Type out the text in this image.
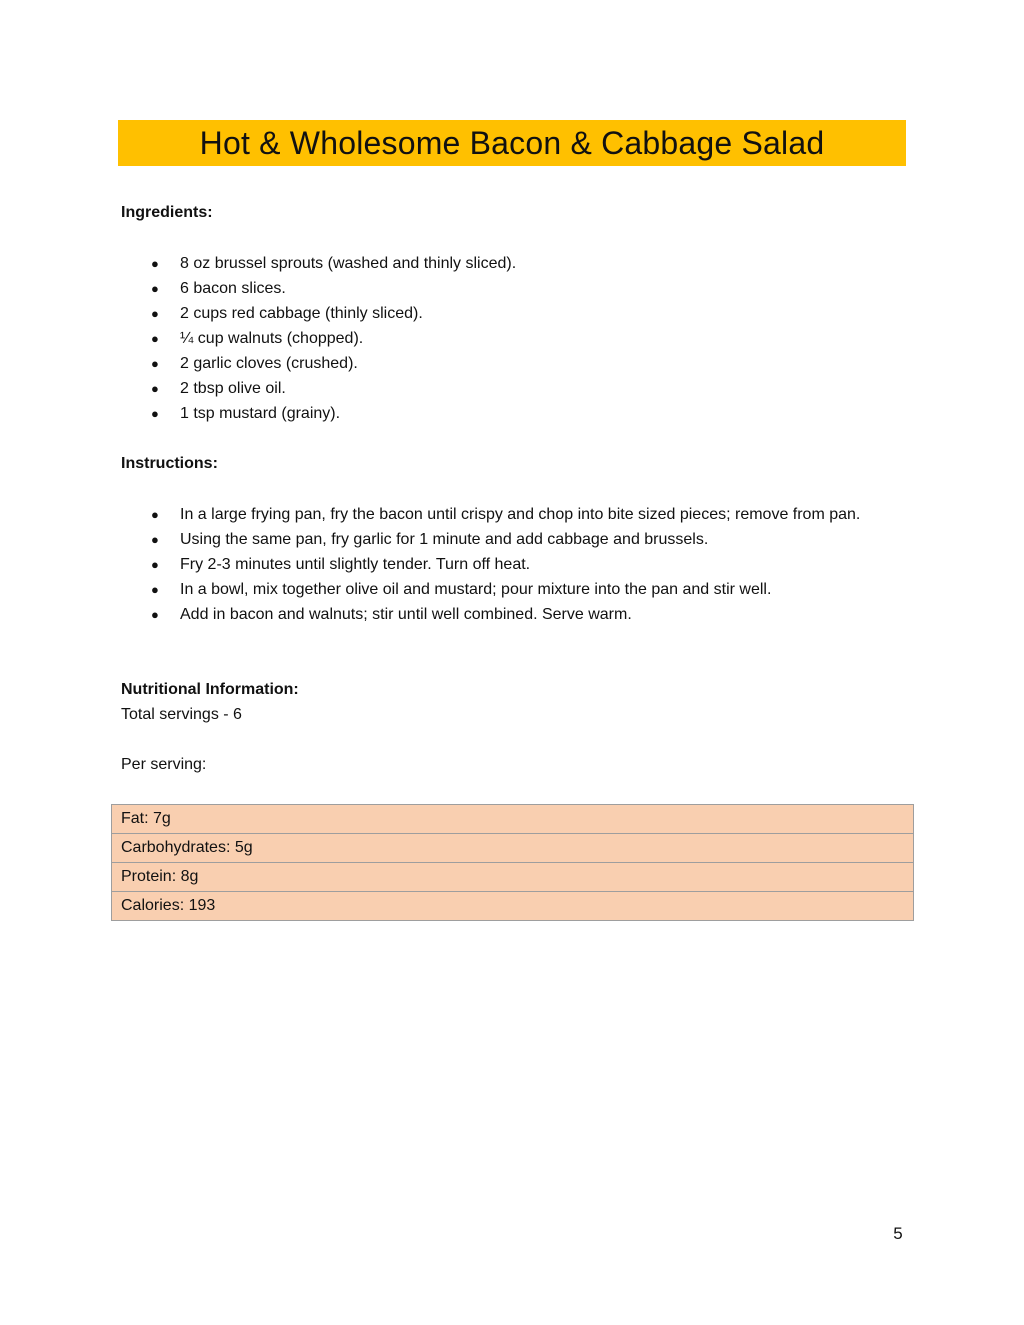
Hot & Wholesome Bacon & Cabbage Salad
Ingredients:
● 8 oz brussel sprouts (washed and thinly sliced).
● 6 bacon slices.
● 2 cups red cabbage (thinly sliced).
● ¼ cup walnuts (chopped).
● 2 garlic cloves (crushed).
● 2 tbsp olive oil.
● 1 tsp mustard (grainy).
Instructions:
● In a large frying pan, fry the bacon until crispy and chop into bite sized pieces; remove from pan.
● Using the same pan, fry garlic for 1 minute and add cabbage and brussels.
● Fry 2-3 minutes until slightly tender. Turn off heat.
● In a bowl, mix together olive oil and mustard; pour mixture into the pan and stir well.
● Add in bacon and walnuts; stir until well combined. Serve warm.
Nutritional Information:
Total servings - 6
Per serving:
Fat: 7g
Carbohydrates: 5g
Protein: 8g
Calories: 193
5
